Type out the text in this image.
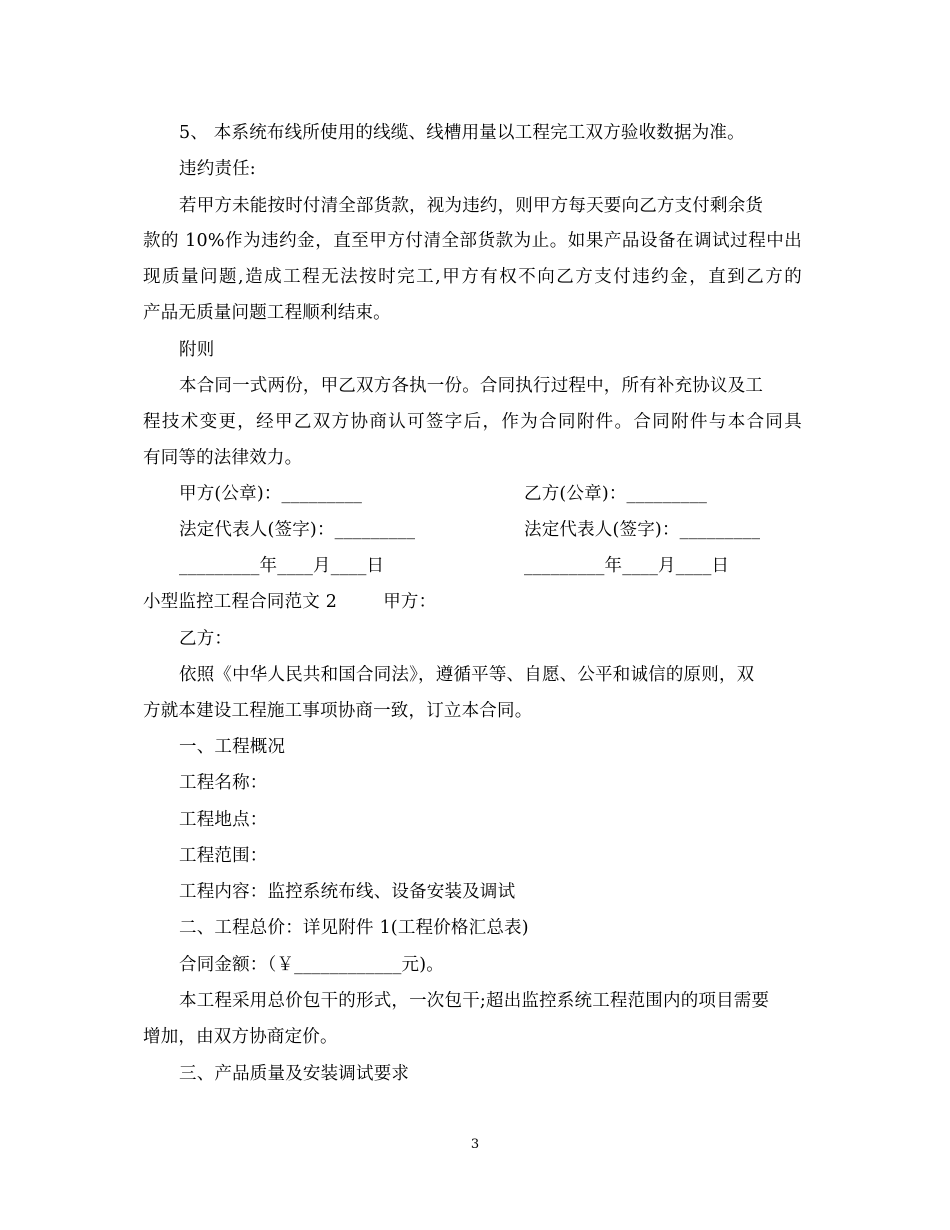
5、 本系统布线所使用的线缆、线槽用量以工程完工双方验收数据为准。
违约责任:
若甲方未能按时付清全部货款，视为违约，则甲方每天要向乙方支付剩余货
款的 10%作为违约金，直至甲方付清全部货款为止。如果产品设备在调试过程中出
现质量问题,造成工程无法按时完工,甲方有权不向乙方支付违约金，直到乙方的
产品无质量问题工程顺利结束。
附则
本合同一式两份，甲乙双方各执一份。合同执行过程中，所有补充协议及工
程技术变更，经甲乙双方协商认可签字后，作为合同附件。合同附件与本合同具
有同等的法律效力。
甲方(公章)：_________	乙方(公章)：_________
法定代表人(签字)：_________	法定代表人(签字)：_________
_________年____月____日	_________年____月____日
小型监控工程合同范文 2        甲方：
乙方：
依照《中华人民共和国合同法》，遵循平等、自愿、公平和诚信的原则，双
方就本建设工程施工事项协商一致，订立本合同。
一、工程概况
工程名称：
工程地点：
工程范围：
工程内容：监控系统布线、设备安装及调试
二、工程总价：详见附件 1(工程价格汇总表)
合同金额：（￥____________元)。
本工程采用总价包干的形式，一次包干;超出监控系统工程范围内的项目需要
增加，由双方协商定价。
三、产品质量及安装调试要求
3
